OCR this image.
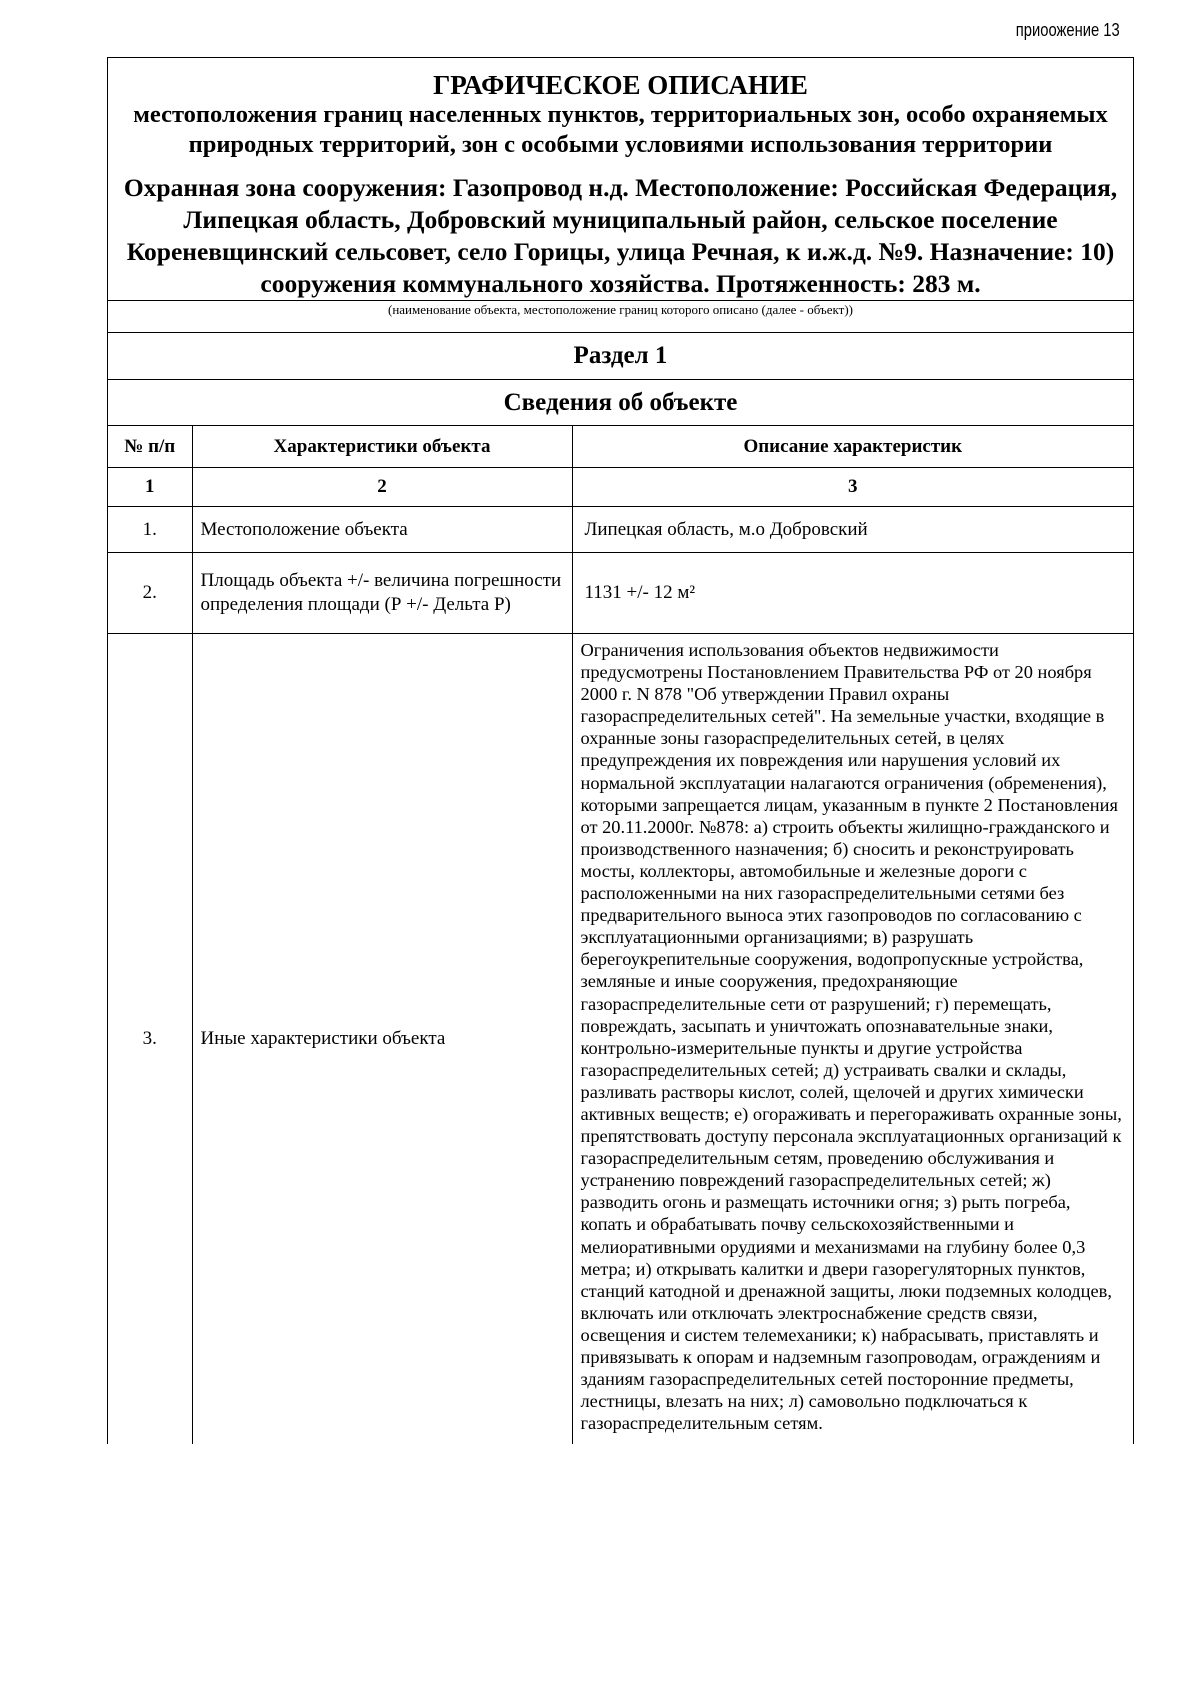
приоожение 13
ГРАФИЧЕСКОЕ ОПИСАНИЕ
местоположения границ населенных пунктов, территориальных зон, особо охраняемых природных территорий, зон с особыми условиями использования территории
Охранная зона сооружения: Газопровод н.д. Местоположение: Российская Федерация, Липецкая область, Добровский муниципальный район, сельское поселение Кореневщинский сельсовет, село Горицы, улица Речная, к и.ж.д. №9. Назначение: 10) сооружения коммунального хозяйства. Протяженность: 283 м.
(наименование объекта, местоположение границ которого описано (далее - объект))
Раздел 1
Сведения об объекте
№ п/п	Характеристики объекта	Описание характеристик
1	2	3
1.	Местоположение объекта	Липецкая область, м.о Добровский
2.	Площадь объекта +/- величина погрешности определения площади (Р +/- Дельта Р)	1131 +/- 12 м²
3.	Иные характеристики объекта	Ограничения использования объектов недвижимости предусмотрены Постановлением Правительства РФ от 20 ноября 2000 г. N 878 "Об утверждении Правил охраны газораспределительных сетей". На земельные участки, входящие в охранные зоны газораспределительных сетей, в целях предупреждения их повреждения или нарушения условий их нормальной эксплуатации налагаются ограничения (обременения), которыми запрещается лицам, указанным в пункте 2 Постановления от 20.11.2000г. №878: а) строить объекты жилищно-гражданского и производственного назначения; б) сносить и реконструировать мосты, коллекторы, автомобильные и железные дороги с расположенными на них газораспределительными сетями без предварительного выноса этих газопроводов по согласованию с эксплуатационными организациями; в) разрушать берегоукрепительные сооружения, водопропускные устройства, земляные и иные сооружения, предохраняющие газораспределительные сети от разрушений; г) перемещать, повреждать, засыпать и уничтожать опознавательные знаки, контрольно-измерительные пункты и другие устройства газораспределительных сетей; д) устраивать свалки и склады, разливать растворы кислот, солей, щелочей и других химически активных веществ; е) огораживать и перегораживать охранные зоны, препятствовать доступу персонала эксплуатационных организаций к газораспределительным сетям, проведению обслуживания и устранению повреждений газораспределительных сетей; ж) разводить огонь и размещать источники огня; з) рыть погреба, копать и обрабатывать почву сельскохозяйственными и мелиоративными орудиями и механизмами на глубину более 0,3 метра; и) открывать калитки и двери газорегуляторных пунктов, станций катодной и дренажной защиты, люки подземных колодцев, включать или отключать электроснабжение средств связи, освещения и систем телемеханики; к) набрасывать, приставлять и привязывать к опорам и надземным газопроводам, ограждениям и зданиям газораспределительных сетей посторонние предметы, лестницы, влезать на них; л) самовольно подключаться к газораспределительным сетям.
